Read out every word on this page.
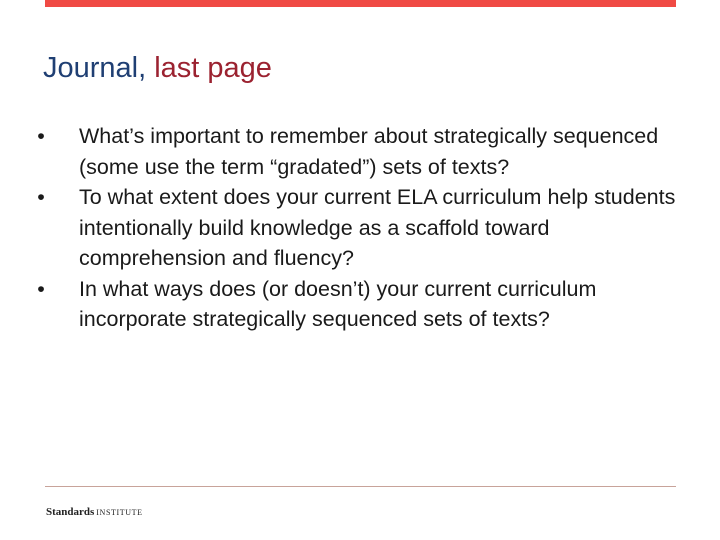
Journal, last page
• What’s important to remember about strategically sequenced (some use the term “gradated”) sets of texts?
• To what extent does your current ELA curriculum help students intentionally build knowledge as a scaffold toward comprehension and fluency?
• In what ways does (or doesn’t) your current curriculum incorporate strategically sequenced sets of texts?
Standards INSTITUTE
